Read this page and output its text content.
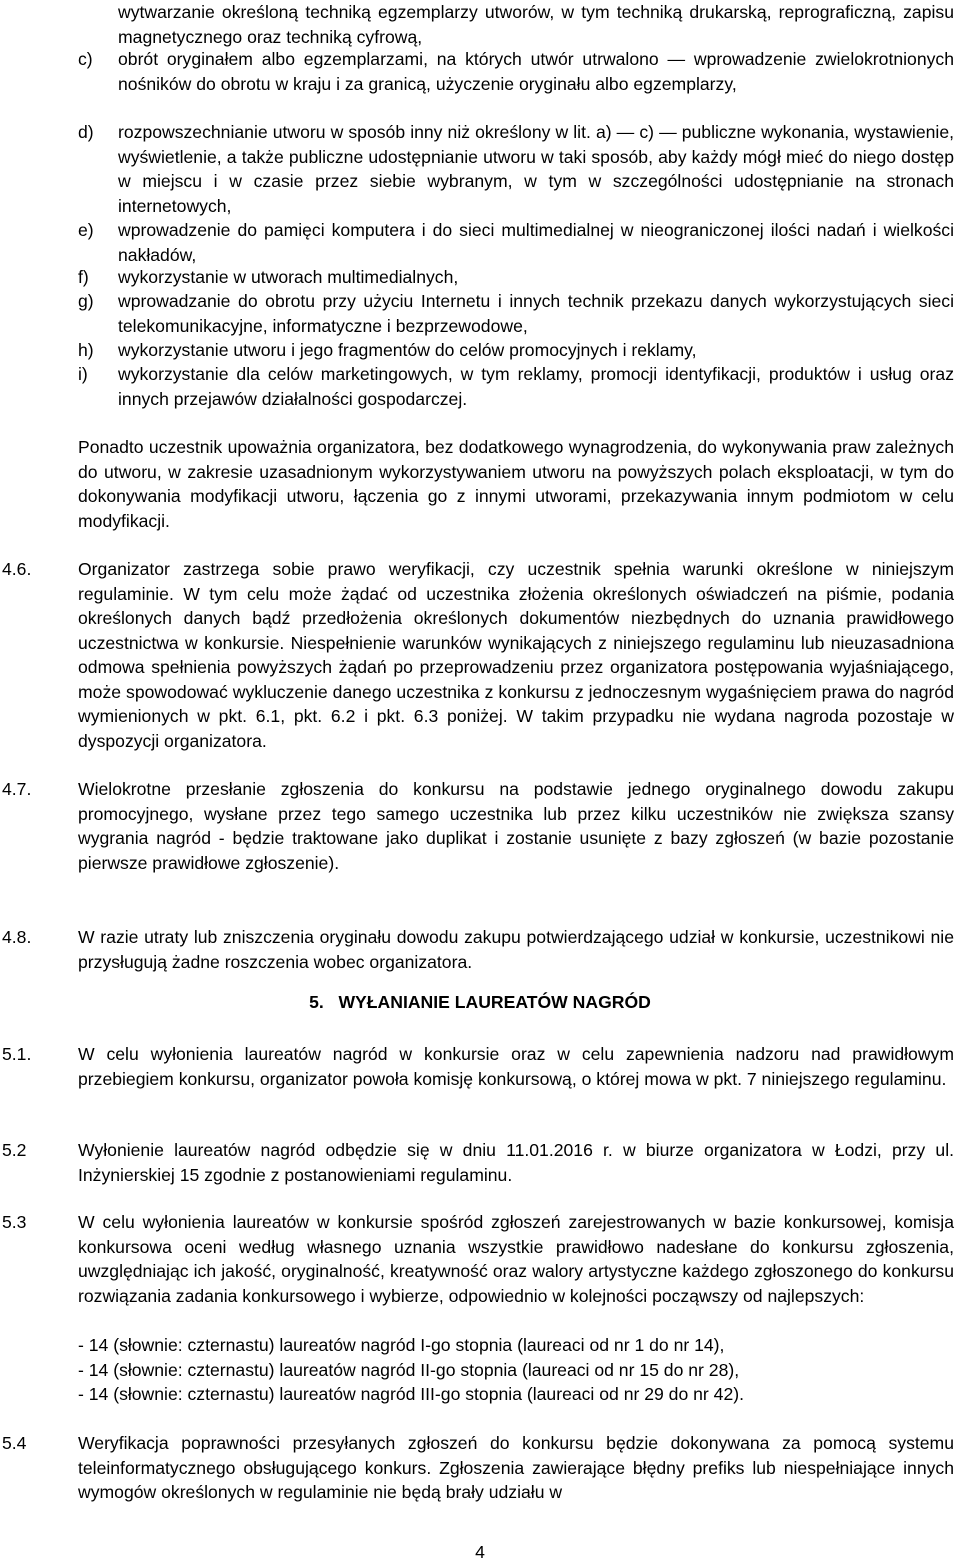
wytwarzanie określoną techniką egzemplarzy utworów, w tym techniką drukarską, reprograficzną, zapisu magnetycznego oraz techniką cyfrową,
c) obrót oryginałem albo egzemplarzami, na których utwór utrwalono — wprowadzenie zwielokrotnionych nośników do obrotu w kraju i za granicą, użyczenie oryginału albo egzemplarzy,
d) rozpowszechnianie utworu w sposób inny niż określony w lit. a) — c) — publiczne wykonania, wystawienie, wyświetlenie, a także publiczne udostępnianie utworu w taki sposób, aby każdy mógł mieć do niego dostęp w miejscu i w czasie przez siebie wybranym, w tym w szczególności udostępnianie na stronach internetowych,
e) wprowadzenie do pamięci komputera i do sieci multimedialnej w nieograniczonej ilości nadań i wielkości nakładów,
f) wykorzystanie w utworach multimedialnych,
g) wprowadzanie do obrotu przy użyciu Internetu i innych technik przekazu danych wykorzystujących sieci telekomunikacyjne, informatyczne i bezprzewodowe,
h) wykorzystanie utworu i jego fragmentów do celów promocyjnych i reklamy,
i) wykorzystanie dla celów marketingowych, w tym reklamy, promocji identyfikacji, produktów i usług oraz innych przejawów działalności gospodarczej.
Ponadto uczestnik upoważnia organizatora, bez dodatkowego wynagrodzenia, do wykonywania praw zależnych do utworu, w zakresie uzasadnionym wykorzystywaniem utworu na powyższych polach eksploatacji, w tym do dokonywania modyfikacji utworu, łączenia go z innymi utworami, przekazywania innym podmiotom w celu modyfikacji.
4.6.	Organizator zastrzega sobie prawo weryfikacji, czy uczestnik spełnia warunki określone w niniejszym regulaminie. W tym celu może żądać od uczestnika złożenia określonych oświadczeń na piśmie, podania określonych danych bądź przedłożenia określonych dokumentów niezbędnych do uznania prawidłowego uczestnictwa w konkursie. Niespełnienie warunków wynikających z niniejszego regulaminu lub nieuzasadniona odmowa spełnienia powyższych żądań po przeprowadzeniu przez organizatora postępowania wyjaśniającego, może spowodować wykluczenie danego uczestnika z konkursu z jednoczesnym wygaśnięciem prawa do nagród wymienionych w pkt. 6.1, pkt. 6.2 i pkt. 6.3 poniżej. W takim przypadku nie wydana nagroda pozostaje w dyspozycji organizatora.
4.7.	Wielokrotne przesłanie zgłoszenia do konkursu na podstawie jednego oryginalnego dowodu zakupu promocyjnego, wysłane przez tego samego uczestnika lub przez kilku uczestników nie zwiększa szansy wygrania nagród - będzie traktowane jako duplikat i zostanie usunięte z bazy zgłoszeń (w bazie pozostanie pierwsze prawidłowe zgłoszenie).
4.8.	W razie utraty lub zniszczenia oryginału dowodu zakupu potwierdzającego udział w konkursie, uczestnikowi nie przysługują żadne roszczenia wobec organizatora.
5.   WYŁANIANIE LAUREATÓW NAGRÓD
5.1.	W celu wyłonienia laureatów nagród w konkursie oraz w celu zapewnienia nadzoru nad prawidłowym przebiegiem konkursu, organizator powoła komisję konkursową, o której mowa w pkt. 7 niniejszego regulaminu.
5.2	Wyłonienie laureatów nagród odbędzie się w dniu 11.01.2016 r. w biurze organizatora w Łodzi, przy ul. Inżynierskiej 15 zgodnie z postanowieniami regulaminu.
5.3	W celu wyłonienia laureatów w konkursie spośród zgłoszeń zarejestrowanych w bazie konkursowej, komisja konkursowa oceni według własnego uznania wszystkie prawidłowo nadesłane do konkursu zgłoszenia, uwzględniając ich jakość, oryginalność, kreatywność oraz walory artystyczne każdego zgłoszonego do konkursu rozwiązania zadania konkursowego i wybierze, odpowiednio w kolejności począwszy od najlepszych:
- 14 (słownie: czternastu) laureatów nagród I-go stopnia (laureaci od nr 1 do nr 14),
- 14 (słownie: czternastu) laureatów nagród II-go stopnia (laureaci od nr 15 do nr 28),
- 14 (słownie: czternastu) laureatów nagród III-go stopnia (laureaci od nr 29 do nr 42).
5.4	Weryfikacja poprawności przesyłanych zgłoszeń do konkursu będzie dokonywana za pomocą systemu teleinformatycznego obsługującego konkurs. Zgłoszenia zawierające błędny prefiks lub niespełniające innych wymogów określonych w regulaminie nie będą brały udziału w
4
